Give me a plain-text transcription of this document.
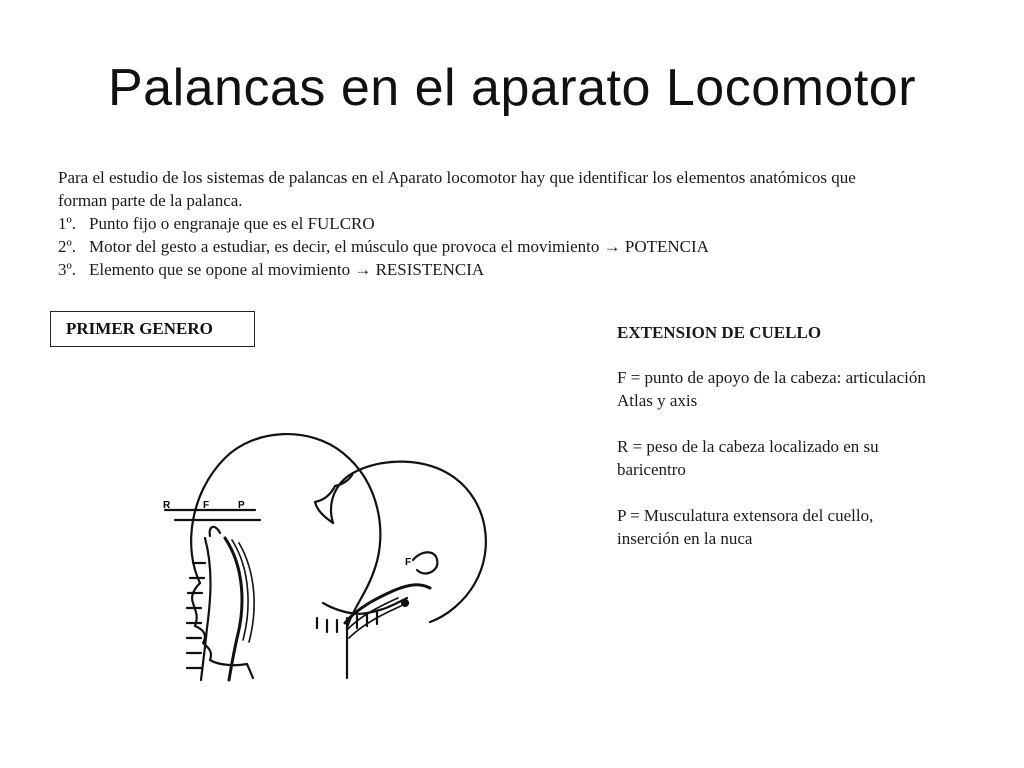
Palancas en el aparato Locomotor

Para el estudio de los sistemas de palancas en el Aparato locomotor hay que identificar los elementos anatómicos que forman parte de la palanca.

1º. Punto fijo o engranaje que es el FULCRO
2º. Motor del gesto a estudiar, es decir, el músculo que provoca el movimiento → POTENCIA
3º. Elemento que se opone al movimiento → RESISTENCIA
PRIMER GENERO	EXTENSION DE CUELLO

F = punto de apoyo de la cabeza: articulación Atlas y axis

R = peso de la cabeza localizado en su baricentro

P = Musculatura extensora del cuello, inserción en la nuca

R	F	P
F
